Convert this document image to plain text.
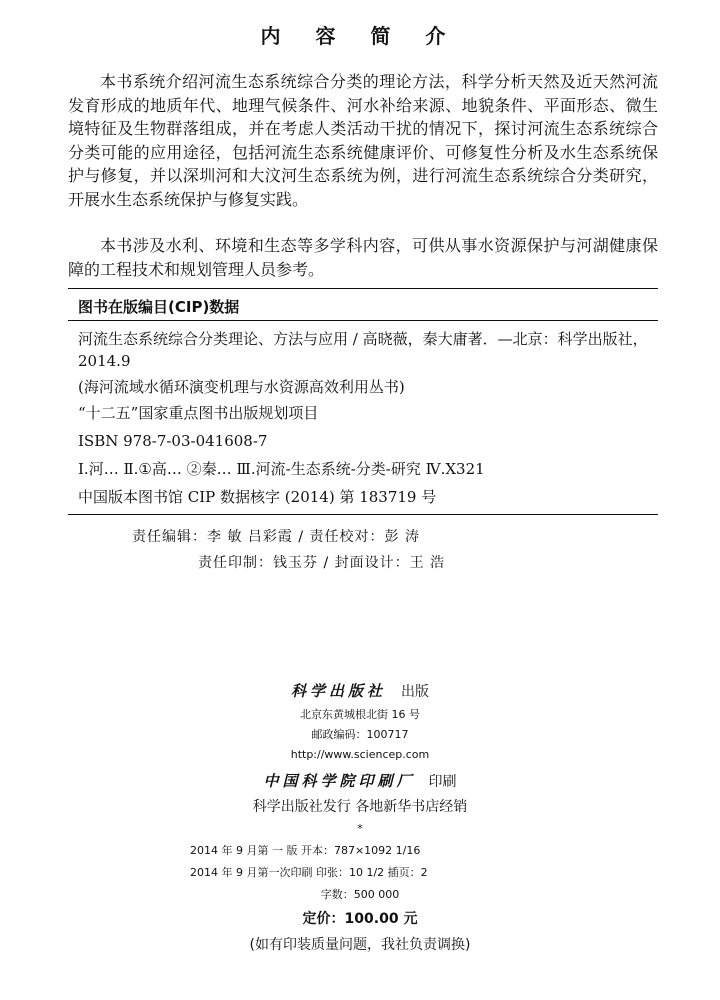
内 容 简 介

本书系统介绍河流生态系统综合分类的理论方法，科学分析天然及近天然河流发育形成的地质年代、地理气候条件、河水补给来源、地貌条件、平面形态、微生境特征及生物群落组成，并在考虑人类活动干扰的情况下，探讨河流生态系统综合分类可能的应用途径，包括河流生态系统健康评价、可修复性分析及水生态系统保护与修复，并以深圳河和大汶河生态系统为例，进行河流生态系统综合分类研究，开展水生态系统保护与修复实践。

本书涉及水利、环境和生态等多学科内容，可供从事水资源保护与河湖健康保障的工程技术和规划管理人员参考。

图书在版编目(CIP)数据

河流生态系统综合分类理论、方法与应用 / 高晓薇，秦大庸著．—北京：科学出版社，2014.9

(海河流域水循环演变机理与水资源高效利用丛书)

“十二五”国家重点图书出版规划项目

ISBN 978-7-03-041608-7

Ⅰ.河… Ⅱ.①高… ②秦… Ⅲ.河流-生态系统-分类-研究 Ⅳ.X321

中国版本图书馆 CIP 数据核字 (2014) 第 183719 号

责任编辑：李 敏 吕彩霞 / 责任校对：彭 涛
责任印制：钱玉芬 / 封面设计：王 浩
科学出版社 出版
北京东黄城根北街 16 号
邮政编码：100717
http://www.sciencep.com
中国科学院印刷厂 印刷
科学出版社发行 各地新华书店经销
*
2014 年 9 月第 一 版 开本：787×1092 1/16
2014 年 9 月第一次印刷 印张：10 1/2 插页：2
字数：500 000
定价：100.00 元
(如有印装质量问题，我社负责调换)
